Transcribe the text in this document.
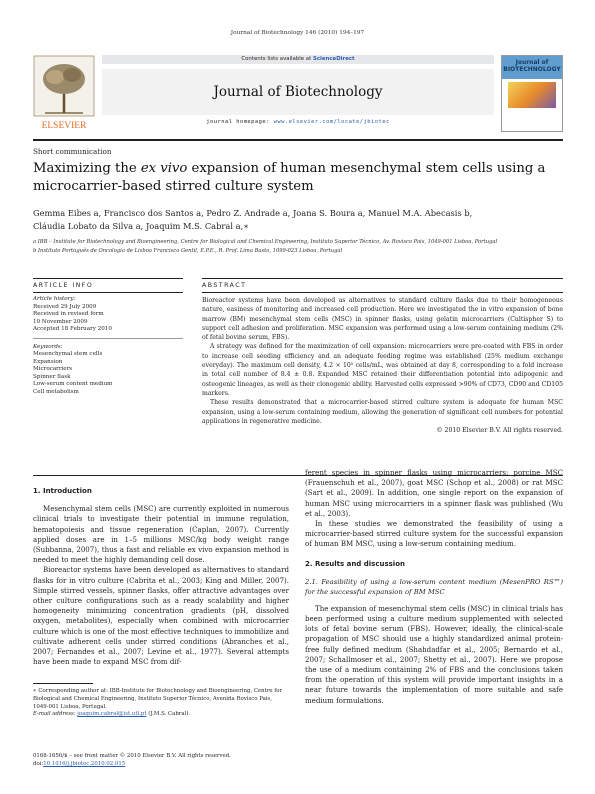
Journal of Biotechnology 146 (2010) 194–197
ELSEVIER
Contents lists available at ScienceDirect
Journal of Biotechnology
journal homepage: www.elsevier.com/locate/jbiotec
Journal of BIOTECHNOLOGY
Short communication
Maximizing the ex vivo expansion of human mesenchymal stem cells using a microcarrier-based stirred culture system
Gemma Eibes a, Francisco dos Santos a, Pedro Z. Andrade a, Joana S. Boura a, Manuel M.A. Abecasis b,
Cláudia Lobato da Silva a, Joaquim M.S. Cabral a,∗
a IBB – Institute for Biotechnology and Bioengineering, Centre for Biological and Chemical Engineering, Instituto Superior Técnico, Av. Rovisco Pais, 1049-001 Lisboa, Portugal
b Instituto Português de Oncologia de Lisboa Francisco Gentil, E.P.E., R. Prof. Lima Basto, 1099-023 Lisboa, Portugal
ARTICLE INFO	ABSTRACT
Article history:
Received 29 July 2009
Received in revised form
10 November 2009
Accepted 18 February 2010
Keywords:
Mesenchymal stem cells
Expansion
Microcarriers
Spinner flask
Low-serum content medium
Cell metabolism

Bioreactor systems have been developed as alternatives to standard culture flasks due to their homogeneous nature, easiness of monitoring and increased cell production. Here we investigated the in vitro expansion of bone marrow (BM) mesenchymal stem cells (MSC) in spinner flasks, using gelatin microcarriers (Cultispher S) to support cell adhesion and proliferation. MSC expansion was performed using a low-serum containing medium (2% of fetal bovine serum, FBS).

A strategy was defined for the maximization of cell expansion: microcarriers were pre-coated with FBS in order to increase cell seeding efficiency and an adequate feeding regime was established (25% medium exchange everyday). The maximum cell density, 4.2 × 10⁵ cells/mL, was obtained at day 8, corresponding to a fold increase in total cell number of 8.4 ± 0.8. Expanded MSC retained their differentiation potential into adipogenic and osteogenic lineages, as well as their clonogenic ability. Harvested cells expressed >90% of CD73, CD90 and CD105 markers.

These results demonstrated that a microcarrier-based stirred culture system is adequate for human MSC expansion, using a low-serum containing medium, allowing the generation of significant cell numbers for potential applications in regenerative medicine.

© 2010 Elsevier B.V. All rights reserved.
1. Introduction

Mesenchymal stem cells (MSC) are currently exploited in numerous clinical trials to investigate their potential in immune regulation, hematopoiesis and tissue regeneration (Caplan, 2007). Currently applied doses are in 1–5 millions MSC/kg body weight range (Subbanna, 2007), thus a fast and reliable ex vivo expansion method is needed to meet the highly demanding cell dose.

Bioreactor systems have been developed as alternatives to standard flasks for in vitro culture (Cabrita et al., 2003; King and Miller, 2007). Simple stirred vessels, spinner flasks, offer attractive advantages over other culture configurations such as a ready scalability and higher homogeneity minimizing concentration gradients (pH, dissolved oxygen, metabolites), especially when combined with microcarrier culture which is one of the most effective techniques to immobilize and cultivate adherent cells under stirred conditions (Abranches et al., 2007; Fernandes et al., 2007; Levine et al., 1977). Several attempts have been made to expand MSC from dif-

ferent species in spinner flasks using microcarriers: porcine MSC (Frauenschuh et al., 2007), goat MSC (Schop et al., 2008) or rat MSC (Sart et al., 2009). In addition, one single report on the expansion of human MSC using microcarriers in a spinner flask was published (Wu et al., 2003).

In these studies we demonstrated the feasibility of using a microcarrier-based stirred culture system for the successful expansion of human BM MSC, using a low-serum containing medium.

2. Results and discussion
2.1. Feasibility of using a low-serum content medium (MesenPRO RS™) for the successful expansion of BM MSC

The expansion of mesenchymal stem cells (MSC) in clinical trials has been performed using a culture medium supplemented with selected lots of fetal bovine serum (FBS). However, ideally, the clinical-scale propagation of MSC should use a highly standardized animal protein-free fully defined medium (Shahdadfar et al., 2005; Bernardo et al., 2007; Schallmoser et al., 2007; Shetty et al., 2007). Here we propose the use of a medium containing 2% of FBS and the conclusions taken from the operation of this system will provide important insights in a near future towards the implementation of more suitable and safe medium formulations.

∗ Corresponding author at: IBB-Institute for Biotechnology and Bioengineering, Centre for Biological and Chemical Engineering, Instituto Superior Técnico, Avenida Rovisco Pais, 1049-001 Lisboa, Portugal.
E-mail address: joaquim.cabral@ist.utl.pt (J.M.S. Cabral).
0168-1656/$ – see front matter © 2010 Elsevier B.V. All rights reserved.
doi:10.1016/j.jbiotec.2010.02.015
